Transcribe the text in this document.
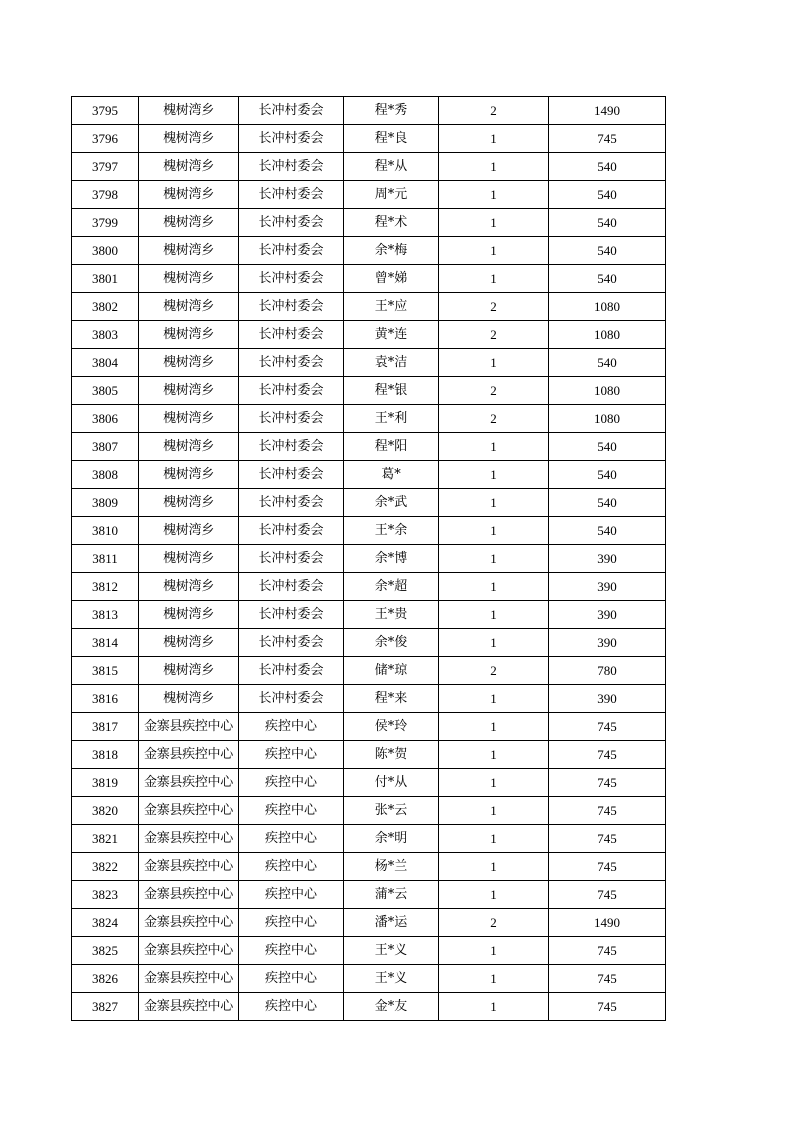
3795	槐树湾乡	长冲村委会	程*秀	2	1490
3796	槐树湾乡	长冲村委会	程*良	1	745
3797	槐树湾乡	长冲村委会	程*从	1	540
3798	槐树湾乡	长冲村委会	周*元	1	540
3799	槐树湾乡	长冲村委会	程*术	1	540
3800	槐树湾乡	长冲村委会	余*梅	1	540
3801	槐树湾乡	长冲村委会	曾*娣	1	540
3802	槐树湾乡	长冲村委会	王*应	2	1080
3803	槐树湾乡	长冲村委会	黄*连	2	1080
3804	槐树湾乡	长冲村委会	袁*洁	1	540
3805	槐树湾乡	长冲村委会	程*银	2	1080
3806	槐树湾乡	长冲村委会	王*利	2	1080
3807	槐树湾乡	长冲村委会	程*阳	1	540
3808	槐树湾乡	长冲村委会	葛*	1	540
3809	槐树湾乡	长冲村委会	余*武	1	540
3810	槐树湾乡	长冲村委会	王*余	1	540
3811	槐树湾乡	长冲村委会	余*博	1	390
3812	槐树湾乡	长冲村委会	余*超	1	390
3813	槐树湾乡	长冲村委会	王*贵	1	390
3814	槐树湾乡	长冲村委会	余*俊	1	390
3815	槐树湾乡	长冲村委会	储*琼	2	780
3816	槐树湾乡	长冲村委会	程*来	1	390
3817	金寨县疾控中心	疾控中心	侯*玲	1	745
3818	金寨县疾控中心	疾控中心	陈*贺	1	745
3819	金寨县疾控中心	疾控中心	付*从	1	745
3820	金寨县疾控中心	疾控中心	张*云	1	745
3821	金寨县疾控中心	疾控中心	余*明	1	745
3822	金寨县疾控中心	疾控中心	杨*兰	1	745
3823	金寨县疾控中心	疾控中心	蒲*云	1	745
3824	金寨县疾控中心	疾控中心	潘*运	2	1490
3825	金寨县疾控中心	疾控中心	王*义	1	745
3826	金寨县疾控中心	疾控中心	王*义	1	745
3827	金寨县疾控中心	疾控中心	金*友	1	745
